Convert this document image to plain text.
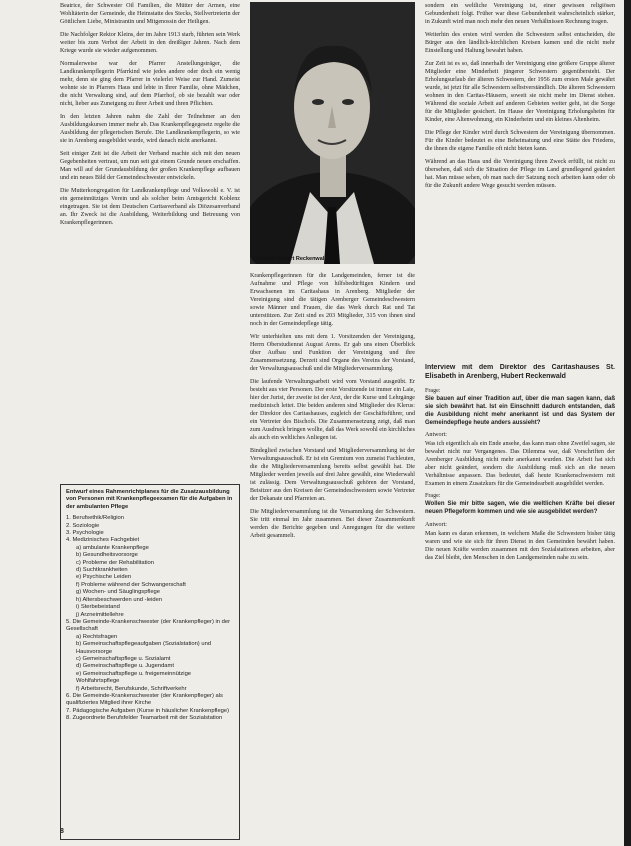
Beatrice, der Schwester Oil Familien, die Mütter der Armen, eine Wohltäterin der Gemeinde, die Heimstatte des Stecks, Stellvertreterin der Göttlichen Liebe, Ministrantin und Mitgenossin der Heiligen.

Die Nachfolger Rektor Kleins, der im Jahre 1913 starb, führten sein Werk weiter bis zum Verbot der Arbeit in den dreißiger Jahren. Nach dem Kriege wurde sie wieder aufgenommen.

Normalerweise war der Pfarrer Anstellungsträger, die Landkrankenpflegerin Pfarrkind wie jedes andere oder doch ein wenig mehr, denn sie ging dem Pfarrer in vielerlei Weise zur Hand. Zumeist wohnte sie in Pfarrers Haus und lebte in Ihrer Familie, ohne Mädchen, die nicht Verwaltung sind, auf dem Pfarrhof, ob sie bezahlt war oder nicht, lieber aus Zuneigung zu ihrer Arbeit und ihren Pflichten.

In den letzten Jahren nahm die Zahl der Teilnehmer an den Ausbildungskursen immer mehr ab. Das Krankenpflegegesetz regelte die Ausbildung der pflegerischen Berufe. Die Landkrankenpflegerin, so wie sie in Arenberg ausgebildet wurde, wird danach nicht anerkannt.

Seit einiger Zeit ist die Arbeit der Verband machte sich mit den neuen Gegebenheiten vertraut, um nun seit gut einem Grunde neuen erschaffen. Man will auf der Grundausbildung der großen Krankenpflege aufbauen und ein neues Bild der Gemeindeschwester entwickeln.

Die Mutterkongregation für Landkrankenpflege und Volkswohl e. V. ist ein gemeinnütziges Verein und als solcher beim Amtsgericht Koblenz eingetragen. Sie ist dem Deutschen Caritasverband als Diözesanverband an. Ihr Zweck ist die Ausbildung, Weiterbildung und Betreuung von Krankenpflegerinnen.

Direktor Hubert Reckenwald

sondern ein weltliche Vereinigung ist, einer gewissen religiösen Gebundenheit folgt. Früher war diese Gebundenheit wahrscheinlich stärker, in Zukunft wird man noch mehr den neuen Verhältnissen Rechnung tragen.

Weiterhin des ersten wird werden die Schwestern selbst entscheiden, die Bürger aus den ländlich-kirchlichen Kreisen kamen und die nicht mehr Einstellung und Haltung bewahrt haben.

Zur Zeit ist es so, daß innerhalb der Vereinigung eine größere Gruppe älterer Mitglieder eine Minderheit jüngerer Schwestern gegenübersteht. Der Erholungsurlaub der älteren Schwestern, der 1956 zum ersten Male gewährt wurde, ist jetzt für alle Schwestern selbstverständlich. Die älteren Schwestern wohnen in den Caritas-Häusern, soweit sie nicht mehr im Dienst stehen. Während die soziale Arbeit auf anderen Gebieten weiter geht, ist die Sorge für die Mitglieder gesichert. Im Hause der Vereinigung Erholungsheim für Kinder, eine Altenwohnung, ein Kinderheim und ein kleines Altenheim.

Die Pflege der Kinder wird durch Schwestern der Vereinigung übernommen. Für die Kinder bedeutet es eine Beheimatung und eine Stätte des Friedens, die ihnen die eigene Familie oft nicht bieten kann.

Während an das Haus und die Vereinigung ihren Zweck erfüllt, ist nicht zu übersehen, daß sich die Situation der Pflege im Land grundlegend geändert hat. Man müsse sehen, ob man nach der Satzung noch arbeiten kann oder ob für die Zukunft andere Wege gesucht werden müssen.

Entwurf eines Rahmenrichtplanes für die Zusatzausbildung von Personen mit Krankenpflegeexamen für die Aufgaben in der ambulanten Pflege
1. Berufsethik/Religion
2. Soziologie
3. Psychologie
4. Medizinisches Fachgebiet
a) ambulante Krankenpflege
b) Gesundheitsvorsorge
c) Probleme der Rehabilitation
d) Suchtkrankheiten
e) Psychische Leiden
f) Probleme während der Schwangerschaft
g) Wochen- und Säuglingspflege
h) Altersbeschwerden und -leiden
i) Sterbebeistand
j) Arzneimittellehre
5. Die Gemeinde-Krankenschwester (der Krankenpfleger) in der Gesellschaft
a) Rechtsfragen
b) Gemeinschaftspflegeaufgaben (Sozialstation) und Hausvorsorge
c) Gemeinschaftspflege u. Sozialamt
d) Gemeinschaftspflege u. Jugendamt
e) Gemeinschaftspflege u. freigemeinnützige Wohlfahrtspflege
f) Arbeitsrecht, Berufskunde, Schriftverkehr
6. Die Gemeinde-Krankenschwester (der Krankenpfleger) als qualifiziertes Mitglied ihrer Kirche
7. Pädagogische Aufgaben (Kurse in häuslicher Krankenpflege)
8. Zugeordnete Berufsfelder Teamarbeit mit der Sozialstation

Krankenpflegerinnen für die Landgemeinden, ferner ist die Aufnahme und Pflege von hilfsbedürftigen Kindern und Erwachsenen im Caritashaus in Arenberg. Mitglieder der Vereinigung sind die tätigen Arenberger Gemeindeschwestern sowie Männer und Frauen, die das Werk durch Rat und Tat unterstützen. Zur Zeit sind es 203 Mitglieder, 315 von ihnen sind noch in der Gemeindepflege tätig.

Wir unterhielten uns mit dem 1. Vorsitzenden der Vereinigung, Herrn Oberstudienrat August Arens. Er gab uns einen Überblick über Aufbau und Funktion der Vereinigung und ihre Zusammensetzung. Derzeit sind Organe des Vereins der Vorstand, der Verwaltungsausschuß und die Mitgliederversammlung.

Die laufende Verwaltungsarbeit wird vom Vorstand ausgeübt. Er besteht aus vier Personen. Der erste Vorsitzende ist immer ein Laie, hier der Jurist, der zweite ist der Arzt, der die Kurse und Lehrgänge medizinisch leitet. Die beiden anderen sind Mitglieder des Klerus: der Direktor des Caritashauses, zugleich der Geschäftsführer, und ein Vertreter des Bischofs. Die Zusammensetzung zeigt, daß man zum Ausdruck bringen wollte, daß das Werk sowohl ein kirchliches als auch ein weltliches Anliegen ist.

Bindeglied zwischen Vorstand und Mitgliederversammlung ist der Verwaltungsausschuß. Er ist ein Gremium von zumeist Fachleuten, die die Mitgliederversammlung bereits selbst gewählt hat. Die Mitglieder werden jeweils auf drei Jahre gewählt, eine Wiederwahl ist zulässig. Dem Verwaltungsausschuß gehören der Vorstand, Beisitzer aus den Kreisen der Gemeindeschwestern sowie Vertreter der Dekanate und Pfarreien an.

Die Mitgliederversammlung ist die Versammlung der Schwestern. Sie tritt einmal im Jahr zusammen. Bei dieser Zusammenkunft werden die Berichte gegeben und Anregungen für die weitere Arbeit gesammelt.

Interview mit dem Direktor des Caritashauses St. Elisabeth in Arenberg, Hubert Reckenwald
Frage:
Sie bauen auf einer Tradition auf, über die man sagen kann, daß sie sich bewährt hat. Ist ein Einschnitt dadurch entstanden, daß die Ausbildung nicht mehr anerkannt ist und das System der Gemeindepflege heute anders aussieht?
Antwort:
Was ich eigentlich als ein Ende ansehe, das kann man ohne Zweifel sagen, sie bewahrt nicht nur Vergangenes. Das Dilemma war, daß Vorschriften der Arenberger Ausbildung nicht mehr anerkannt wurden. Die Arbeit hat sich aber nicht geändert, sondern die Ausbildung muß sich an die neuen Verhältnisse anpassen. Das bedeutet, daß heute Krankenschwestern mit Examen in einem Zusatzkurs für die Gemeindearbeit ausgebildet werden.
Frage:
Wollen Sie mir bitte sagen, wie die weltlichen Kräfte bei dieser neuen Pflegeform kommen und wie sie ausgebildet werden?
Antwort:
Man kann es daran erkennen, in welchem Maße die Schwestern bisher tätig waren und wie sie sich für ihren Dienst in den Gemeinden bewährt haben. Die neuen Kräfte werden zusammen mit den Sozialstationen arbeiten, aber das Ziel bleibt, den Menschen in den Landgemeinden nahe zu sein.
8
